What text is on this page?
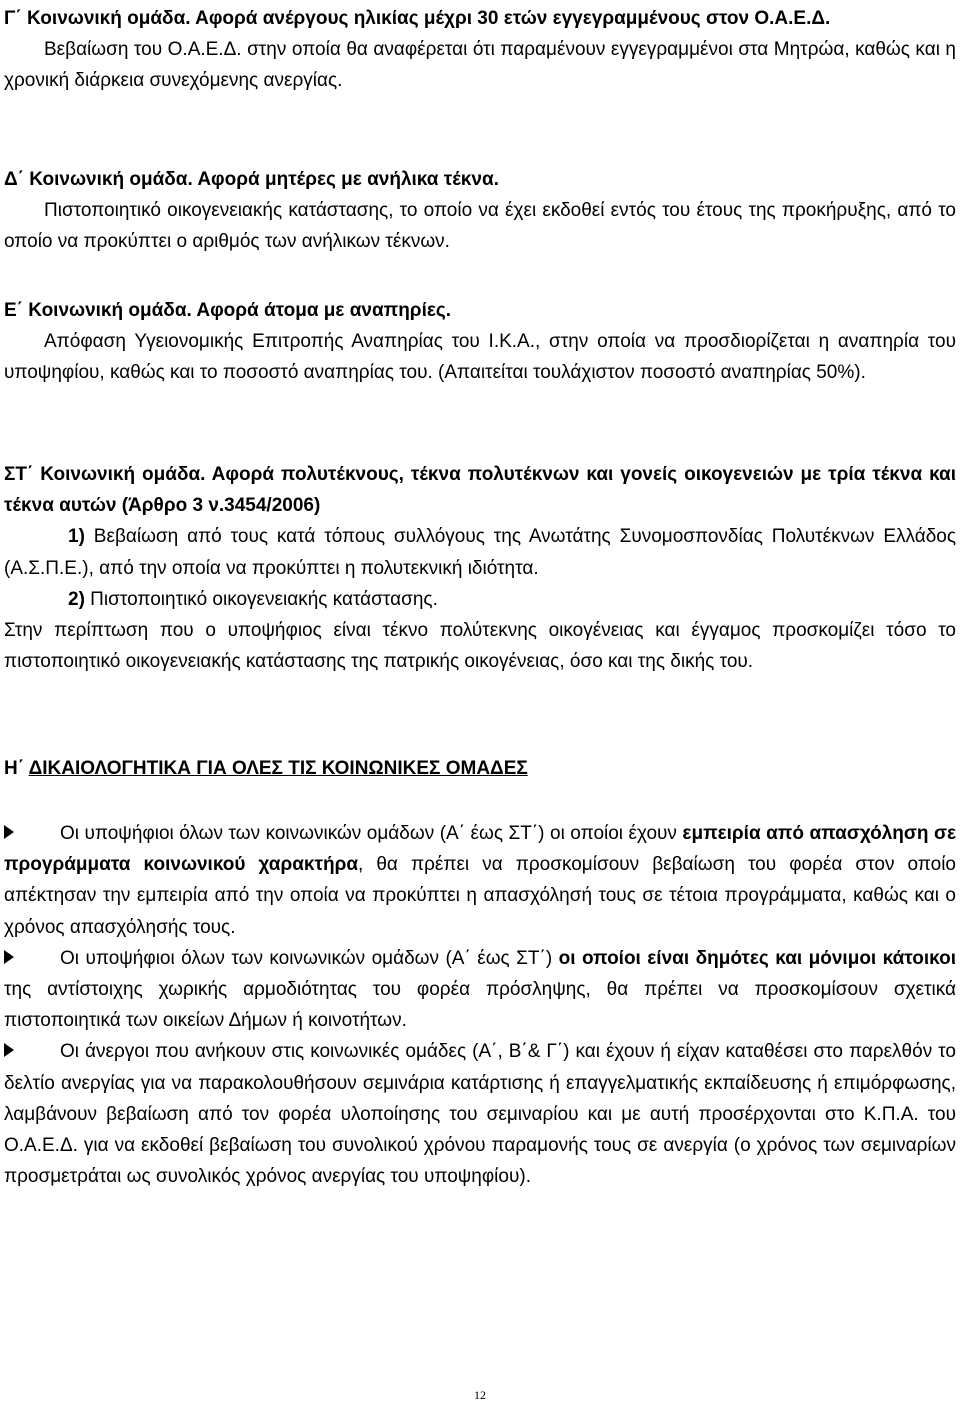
Γ΄ Κοινωνική ομάδα. Αφορά ανέργους ηλικίας μέχρι 30 ετών εγγεγραμμένους στον Ο.Α.Ε.Δ.

Βεβαίωση του Ο.Α.Ε.Δ. στην οποία θα αναφέρεται ότι παραμένουν εγγεγραμμένοι στα Μητρώα, καθώς και η χρονική διάρκεια συνεχόμενης ανεργίας.

Δ΄ Κοινωνική ομάδα. Αφορά μητέρες με ανήλικα τέκνα.

Πιστοποιητικό οικογενειακής κατάστασης, το οποίο να έχει εκδοθεί εντός του έτους της προκήρυξης, από το οποίο να προκύπτει ο αριθμός των ανήλικων τέκνων.

Ε΄ Κοινωνική ομάδα. Αφορά άτομα με αναπηρίες.

Απόφαση Υγειονομικής Επιτροπής Αναπηρίας του Ι.Κ.Α., στην οποία να προσδιορίζεται η αναπηρία του υποψηφίου, καθώς και το ποσοστό αναπηρίας του. (Απαιτείται τουλάχιστον ποσοστό αναπηρίας 50%).

ΣΤ΄ Κοινωνική ομάδα. Αφορά πολυτέκνους, τέκνα πολυτέκνων και γονείς οικογενειών με τρία τέκνα και τέκνα αυτών (Άρθρο 3 ν.3454/2006)

1) Βεβαίωση από τους κατά τόπους συλλόγους της Ανωτάτης Συνομοσπονδίας Πολυτέκνων Ελλάδος (Α.Σ.Π.Ε.), από την οποία να προκύπτει η πολυτεκνική ιδιότητα.

2) Πιστοποιητικό οικογενειακής κατάστασης.

Στην περίπτωση που ο υποψήφιος είναι τέκνο πολύτεκνης οικογένειας και έγγαμος προσκομίζει τόσο το πιστοποιητικό οικογενειακής κατάστασης της πατρικής οικογένειας, όσο και της δικής του.

Η΄ ΔΙΚΑΙΟΛΟΓΗΤΙΚΑ ΓΙΑ ΟΛΕΣ ΤΙΣ ΚΟΙΝΩΝΙΚΕΣ ΟΜΑΔΕΣ

Οι υποψήφιοι όλων των κοινωνικών ομάδων (Α΄ έως ΣΤ΄) οι οποίοι έχουν εμπειρία από απασχόληση σε προγράμματα κοινωνικού χαρακτήρα, θα πρέπει να προσκομίσουν βεβαίωση του φορέα στον οποίο απέκτησαν την εμπειρία από την οποία να προκύπτει η απασχόλησή τους σε τέτοια προγράμματα, καθώς και ο χρόνος απασχόλησής τους.

Οι υποψήφιοι όλων των κοινωνικών ομάδων (Α΄ έως ΣΤ΄) οι οποίοι είναι δημότες και μόνιμοι κάτοικοι της αντίστοιχης χωρικής αρμοδιότητας του φορέα πρόσληψης, θα πρέπει να προσκομίσουν σχετικά πιστοποιητικά των οικείων Δήμων ή κοινοτήτων.

Οι άνεργοι που ανήκουν στις κοινωνικές ομάδες (Α΄, Β΄& Γ΄) και έχουν ή είχαν καταθέσει στο παρελθόν το δελτίο ανεργίας για να παρακολουθήσουν σεμινάρια κατάρτισης ή επαγγελματικής εκπαίδευσης ή επιμόρφωσης, λαμβάνουν βεβαίωση από τον φορέα υλοποίησης του σεμιναρίου και με αυτή προσέρχονται στο Κ.Π.Α. του Ο.Α.Ε.Δ. για να εκδοθεί βεβαίωση του συνολικού χρόνου παραμονής τους σε ανεργία (ο χρόνος των σεμιναρίων προσμετράται ως συνολικός χρόνος ανεργίας του υποψηφίου).

12
